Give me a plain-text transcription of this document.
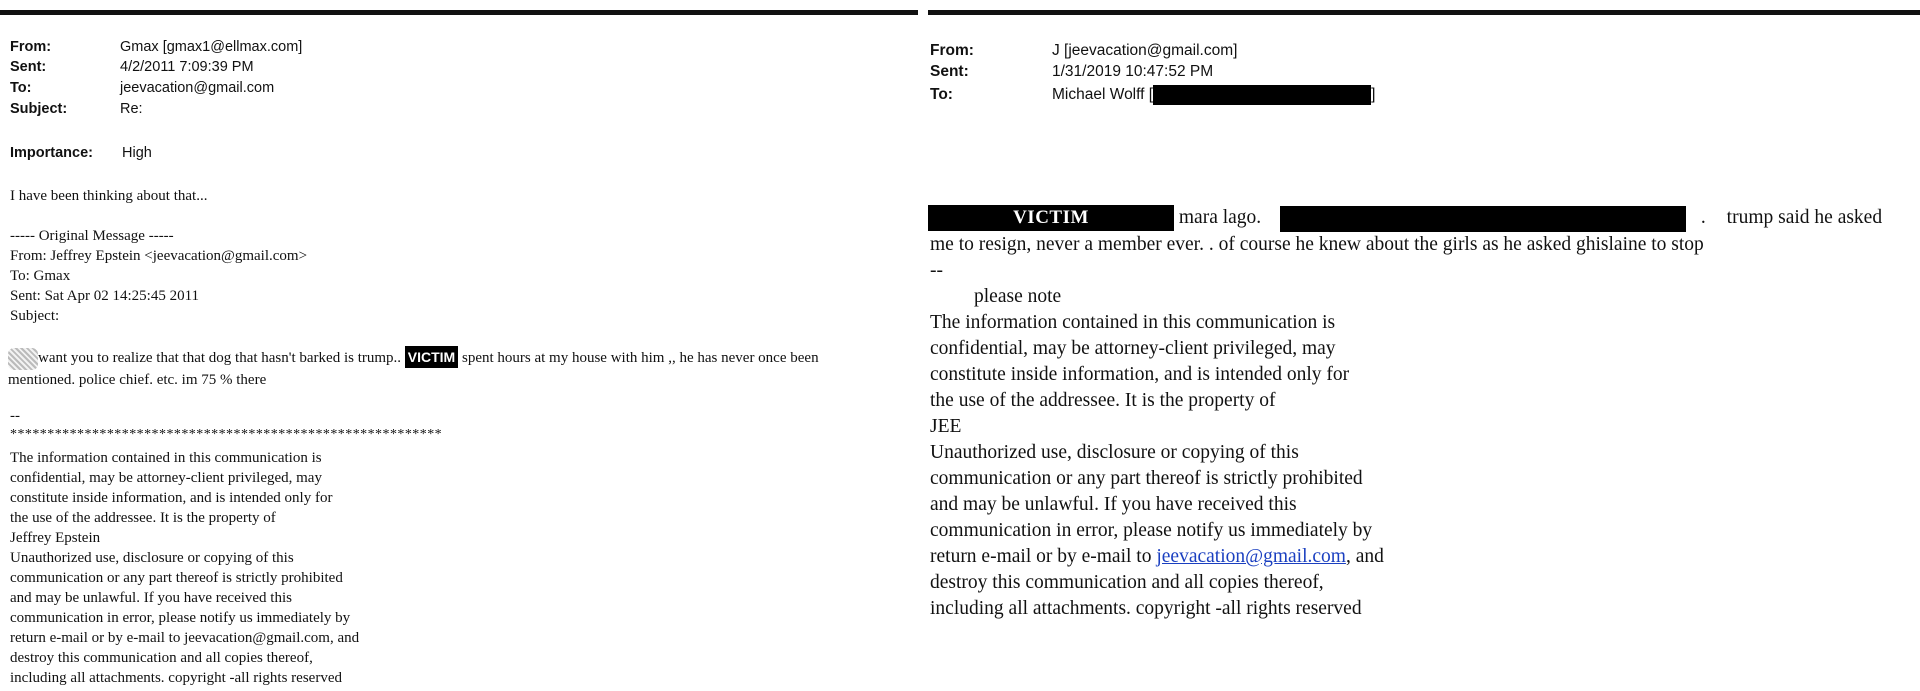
From:	Gmax [gmax1@ellmax.com]
Sent:	4/2/2011 7:09:39 PM
To:	jeevacation@gmail.com
Subject:	Re:
Importance: High
I have been thinking about that...
----- Original Message -----
From: Jeffrey Epstein <jeevacation@gmail.com>
To: Gmax
Sent: Sat Apr 02 14:25:45 2011
Subject:
want you to realize that that dog that hasn't barked is trump.. VICTIM spent hours at my house with him ,, he has never once been
mentioned. police chief. etc. im 75 % there
--
**********************************************************
The information contained in this communication is
confidential, may be attorney-client privileged, may
constitute inside information, and is intended only for
the use of the addressee. It is the property of
Jeffrey Epstein
Unauthorized use, disclosure or copying of this
communication or any part thereof is strictly prohibited
and may be unlawful. If you have received this
communication in error, please notify us immediately by
return e-mail or by e-mail to jeevacation@gmail.com, and
destroy this communication and all copies thereof,
including all attachments. copyright -all rights reserved
From:	J [jeevacation@gmail.com]
Sent:	1/31/2019 10:47:52 PM
To:	Michael Wolff [	]
VICTIM	mara lago.	. trump said he asked
me to resign, never a member ever. . of course he knew about the girls as he asked ghislaine to stop
--
please note
The information contained in this communication is
confidential, may be attorney-client privileged, may
constitute inside information, and is intended only for
the use of the addressee. It is the property of
JEE
Unauthorized use, disclosure or copying of this
communication or any part thereof is strictly prohibited
and may be unlawful. If you have received this
communication in error, please notify us immediately by
return e-mail or by e-mail to jeevacation@gmail.com, and
destroy this communication and all copies thereof,
including all attachments. copyright -all rights reserved
